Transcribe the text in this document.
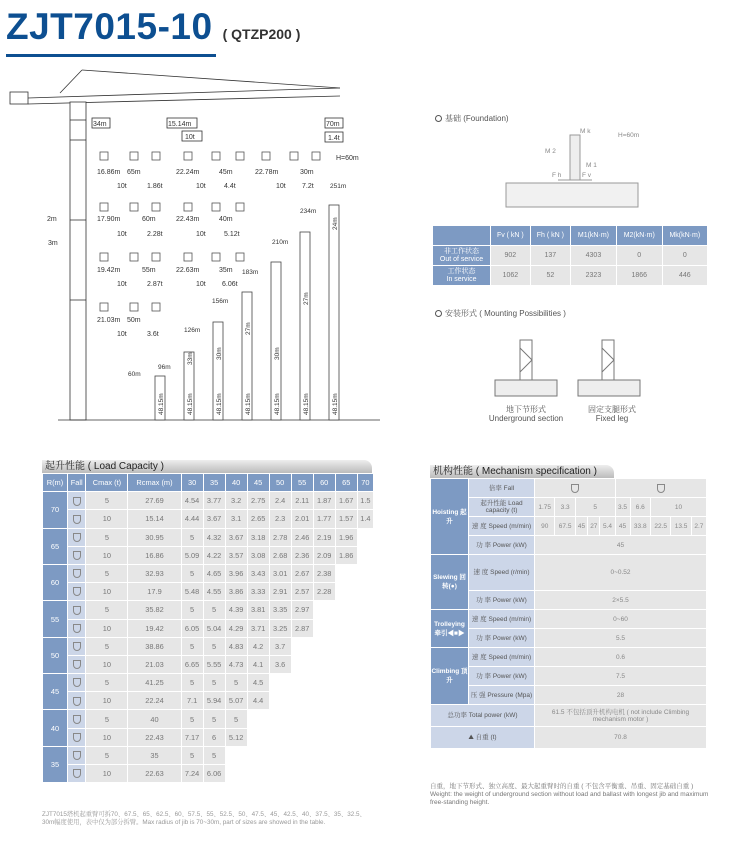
ZJT7015-10 ( QTZP200 )
34m	15.14m	70m
1.4t
10t
H=60m
16.86m 65m	22.24m	45m	22.78m	30m
10t	1.86t	10t	4.4t	10t 7.2t
17.90m	60m	22.43m	40m
10t	2.28t	10t	5.12t
19.42m	55m	22.63m	35m
10t	2.87t	10t 6.06t
21.03m 50m
10t	3.6t
2m
3m
60m
96m
126m
156m
183m
210m
234m
251m
48.15m	48.15m
33m
48.15m
30m
48.15m
27m
48.15m
30m
48.15m
27m
48.15m
24m
基础 (Foundation)
M k
M 2
M 1
F h	F v
H=60m
	Fv ( kN )	Fh ( kN )	M1(kN·m)	M2(kN·m)	Mk(kN·m)
非工作状态
Out of service	902	137	4303	0	0
工作状态
In service	1062	52	2323	1866	446
安装形式 ( Mounting Possibilities )
地下节形式
Underground section
固定支腿形式
Fixed leg
起升性能 ( Load Capacity )
R(m)	Fall	Cmax (t)	Rcmax (m)	30	35	40	45	50	55	60	65	70
70		5	27.69	4.54	3.77	3.2	2.75	2.4	2.11	1.87	1.67	1.5
		10	15.14	4.44	3.67	3.1	2.65	2.3	2.01	1.77	1.57	1.4
65		5	30.95	5	4.32	3.67	3.18	2.78	2.46	2.19	1.96	
		10	16.86	5.09	4.22	3.57	3.08	2.68	2.36	2.09	1.86	
60		5	32.93	5	4.65	3.96	3.43	3.01	2.67	2.38		
		10	17.9	5.48	4.55	3.86	3.33	2.91	2.57	2.28		
55		5	35.82	5	5	4.39	3.81	3.35	2.97			
		10	19.42	6.05	5.04	4.29	3.71	3.25	2.87			
50		5	38.86	5	5	4.83	4.2	3.7				
		10	21.03	6.65	5.55	4.73	4.1	3.6				
45		5	41.25	5	5	5	4.5					
		10	22.24	7.1	5.94	5.07	4.4					
40		5	40	5	5	5						
		10	22.43	7.17	6	5.12						
35		5	35	5	5							
		10	22.63	7.24	6.06							
ZJT7015塔机起重臂可拆70、67.5、65、62.5、60、57.5、55、52.5、50、47.5、45、42.5、40、37.5、35、32.5、30m幅度使用，表中仅为部分拆臂。Max radius of jib is 70~30m, part of sizes are showed in the table.
机构性能 ( Mechanism specification )
Hoisting 起升	倍率 Fall										
	起升性能 Load capacity (t)	1.75	3.3	5			3.5	6.6	10		
	速 度 Speed (m/min)	90	67.5	45	27	5.4	45	33.8	22.5	13.5	2.7
	功 率 Power (kW)	45									
Slewing 回转(●)	速 度 Speed (r/min)	0~0.52									
	功 率 Power (kW)	2×5.5									
Trolleying 牵引◀■▶	速 度 Speed (m/min)	0~60									
	功 率 Power (kW)	5.5									
Climbing 顶升	速 度 Speed (m/min)	0.6									
	功 率 Power (kW)	7.5									
	压 强 Pressure (Mpa)	28									
总功率 Total power (kW)		61.5 不包括顶升机构电机 ( not include Climbing mechanism motor )									
⛰ 自重 (t)		70.8									
自重，地下节形式、独立高度、最大起重臂时的自重 ( 不包含平衡重、吊重、固定基础自重 )
Weight: the weight of underground section without load and ballast with longest jib and maximum free-standing height.
